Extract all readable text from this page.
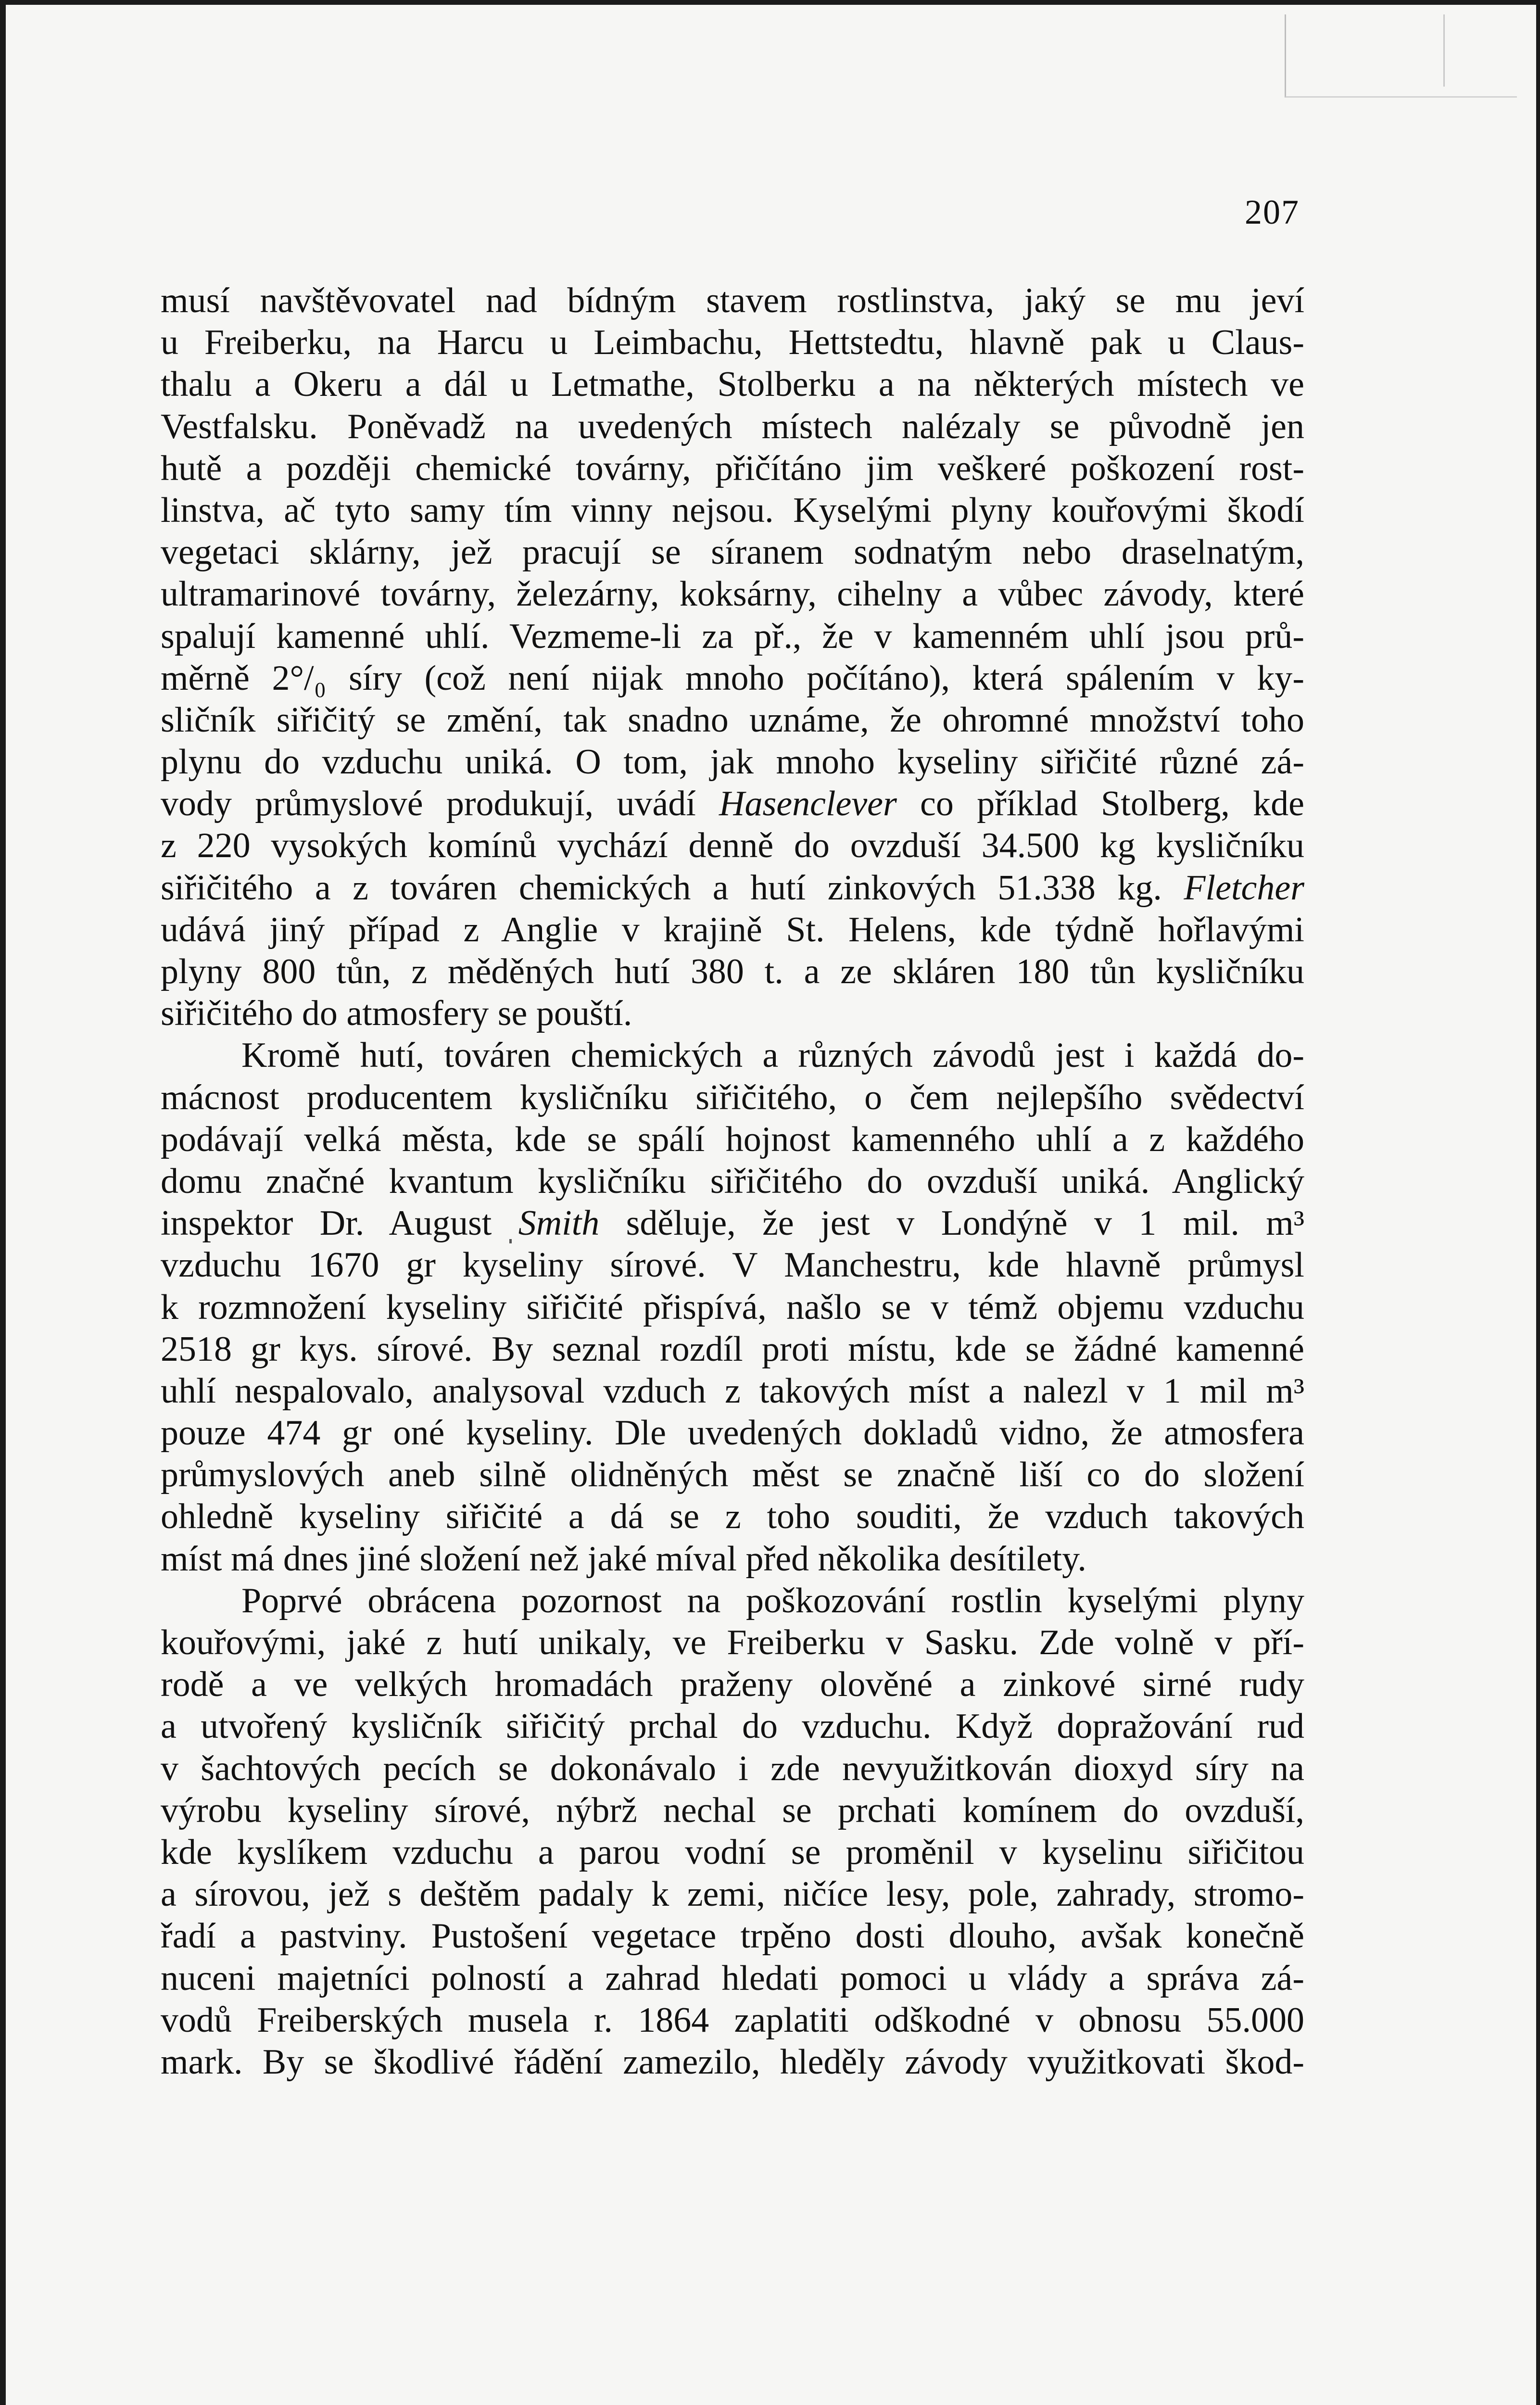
207
musí navštěvovatel nad bídným stavem rostlinstva, jaký se mu jeví
u Freiberku, na Harcu u Leimbachu, Hettstedtu, hlavně pak u Claus-
thalu a Okeru a dál u Letmathe, Stolberku a na některých místech ve
Vestfalsku. Poněvadž na uvedených místech nalézaly se původně jen
hutě a později chemické továrny, přičítáno jim veškeré poškození rost-
linstva, ač tyto samy tím vinny nejsou. Kyselými plyny kouřovými škodí
vegetaci sklárny, jež pracují se síranem sodnatým nebo draselnatým,
ultramarinové továrny, železárny, koksárny, cihelny a vůbec závody, které
spalují kamenné uhlí. Vezmeme-li za př., že v kamenném uhlí jsou prů-
měrně 2°/₀ síry (což není nijak mnoho počítáno), která spálením v ky-
sličník siřičitý se změní, tak snadno uznáme, že ohromné množství toho
plynu do vzduchu uniká. O tom, jak mnoho kyseliny siřičité různé zá-
vody průmyslové produkují, uvádí Hasenclever co příklad Stolberg, kde
z 220 vysokých komínů vychází denně do ovzduší 34.500 kg kysličníku
siřičitého a z továren chemických a hutí zinkových 51.338 kg. Fletcher
udává jiný případ z Anglie v krajině St. Helens, kde týdně hořlavými
plyny 800 tůn, z měděných hutí 380 t. a ze skláren 180 tůn kysličníku
siřičitého do atmosfery se pouští.
Kromě hutí, továren chemických a různých závodů jest i každá do-
mácnost producentem kysličníku siřičitého, o čem nejlepšího svědectví
podávají velká města, kde se spálí hojnost kamenného uhlí a z každého
domu značné kvantum kysličníku siřičitého do ovzduší uniká. Anglický
inspektor Dr. August Smith sděluje, že jest v Londýně v 1 mil. m³
vzduchu 1670 gr kyseliny sírové. V Manchestru, kde hlavně průmysl
k rozmnožení kyseliny siřičité přispívá, našlo se v témž objemu vzduchu
2518 gr kys. sírové. By seznal rozdíl proti místu, kde se žádné kamenné
uhlí nespalovalo, analysoval vzduch z takových míst a nalezl v 1 mil m³
pouze 474 gr oné kyseliny. Dle uvedených dokladů vidno, že atmosfera
průmyslových aneb silně olidněných měst se značně liší co do složení
ohledně kyseliny siřičité a dá se z toho souditi, že vzduch takových
míst má dnes jiné složení než jaké míval před několika desítilety.
Poprvé obrácena pozornost na poškozování rostlin kyselými plyny
kouřovými, jaké z hutí unikaly, ve Freiberku v Sasku. Zde volně v pří-
rodě a ve velkých hromadách praženy olověné a zinkové sirné rudy
a utvořený kysličník siřičitý prchal do vzduchu. Když dopražování rud
v šachtových pecích se dokonávalo i zde nevyužitkován dioxyd síry na
výrobu kyseliny sírové, nýbrž nechal se prchati komínem do ovzduší,
kde kyslíkem vzduchu a parou vodní se proměnil v kyselinu siřičitou
a sírovou, jež s deštěm padaly k zemi, ničíce lesy, pole, zahrady, stromo-
řadí a pastviny. Pustošení vegetace trpěno dosti dlouho, avšak konečně
nuceni majetníci polností a zahrad hledati pomoci u vlády a správa zá-
vodů Freiberských musela r. 1864 zaplatiti odškodné v obnosu 55.000
mark. By se škodlivé řádění zamezilo, hleděly závody využitkovati škod-
